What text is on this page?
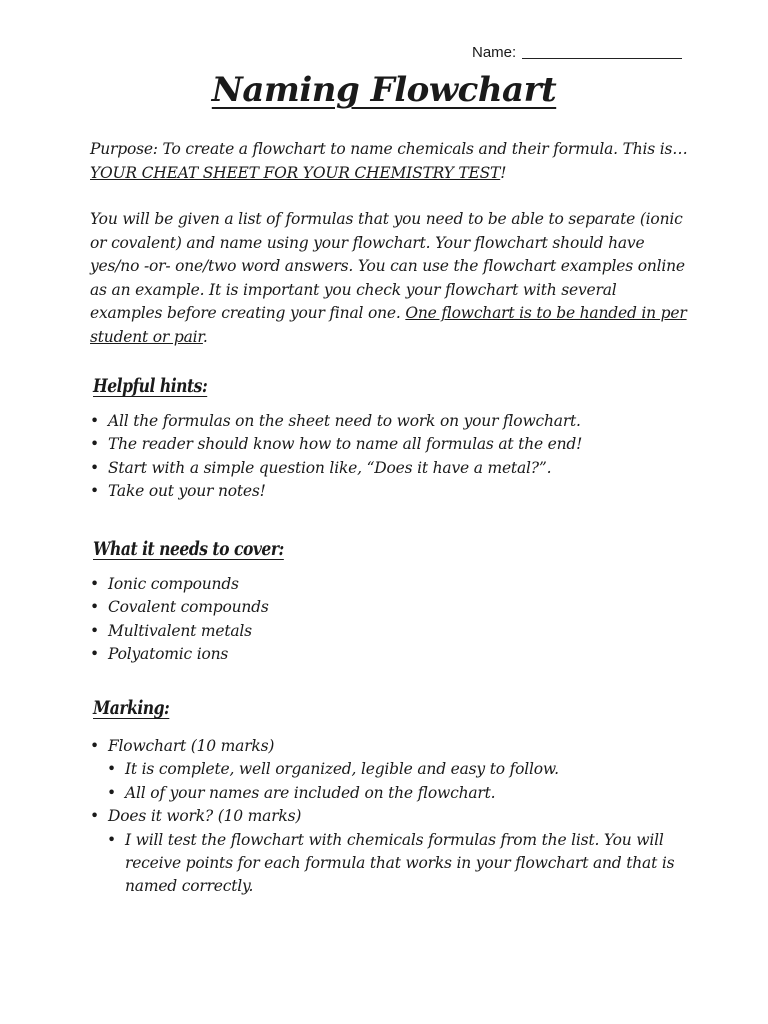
Name:
Naming Flowchart
Purpose: To create a flowchart to name chemicals and their formula. This is…
YOUR CHEAT SHEET FOR YOUR CHEMISTRY TEST!
You will be given a list of formulas that you need to be able to separate (ionic or covalent) and name using your flowchart. Your flowchart should have yes/no -or- one/two word answers. You can use the flowchart examples online as an example. It is important you check your flowchart with several examples before creating your final one. One flowchart is to be handed in per student or pair.
Helpful hints:
• All the formulas on the sheet need to work on your flowchart.
• The reader should know how to name all formulas at the end!
• Start with a simple question like, “Does it have a metal?”.
• Take out your notes!
What it needs to cover:
• Ionic compounds
• Covalent compounds
• Multivalent metals
• Polyatomic ions
Marking:
• Flowchart (10 marks)
• It is complete, well organized, legible and easy to follow.
• All of your names are included on the flowchart.
• Does it work? (10 marks)
• I will test the flowchart with chemicals formulas from the list. You will receive points for each formula that works in your flowchart and that is named correctly.
